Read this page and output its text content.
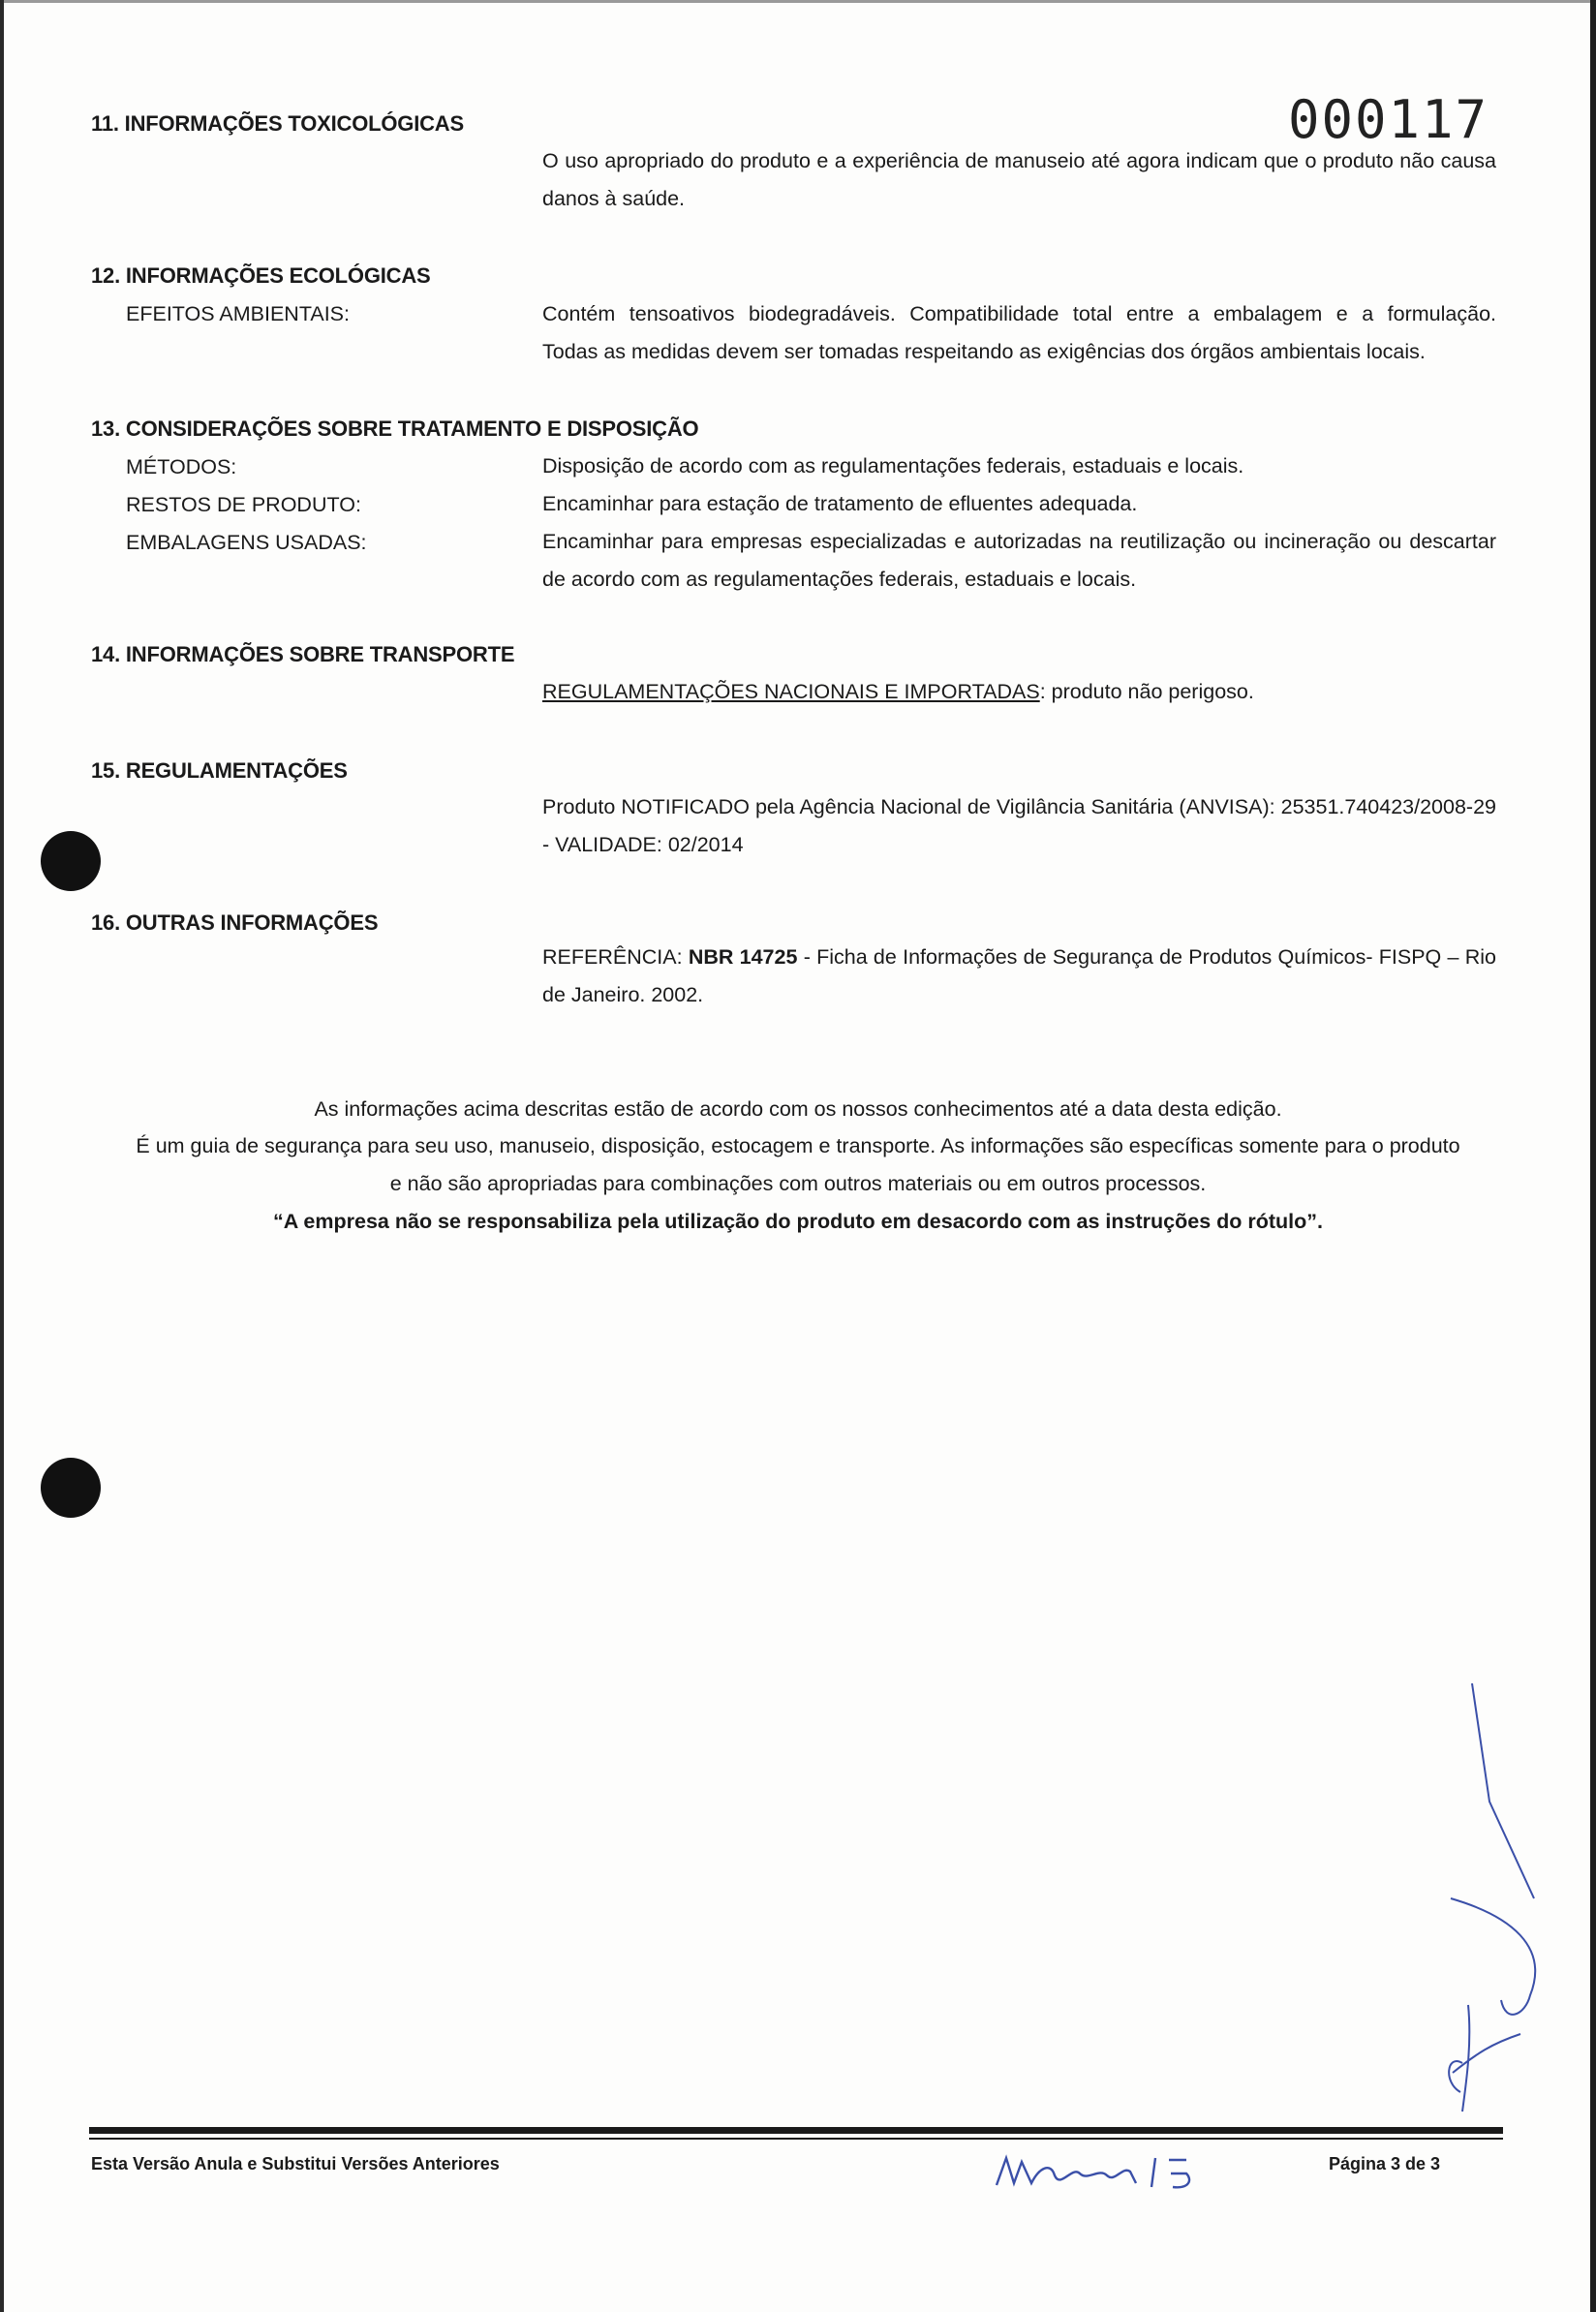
000117
11. INFORMAÇÕES TOXICOLÓGICAS
O uso apropriado do produto e a experiência de manuseio até agora indicam que o produto não causa danos à saúde.
12. INFORMAÇÕES ECOLÓGICAS
EFEITOS AMBIENTAIS:	Contém tensoativos biodegradáveis. Compatibilidade total entre a embalagem e a formulação.
Todas as medidas devem ser tomadas respeitando as exigências dos órgãos ambientais locais.
13. CONSIDERAÇÕES SOBRE TRATAMENTO E DISPOSIÇÃO
MÉTODOS:	Disposição de acordo com as regulamentações federais, estaduais e locais.
RESTOS DE PRODUTO:	Encaminhar para estação de tratamento de efluentes adequada.
EMBALAGENS USADAS:	Encaminhar para empresas especializadas e autorizadas na reutilização ou incineração ou descartar de acordo com as regulamentações federais, estaduais e locais.
14. INFORMAÇÕES SOBRE TRANSPORTE
REGULAMENTAÇÕES NACIONAIS E IMPORTADAS: produto não perigoso.
15. REGULAMENTAÇÕES
Produto NOTIFICADO pela Agência Nacional de Vigilância Sanitária (ANVISA): 25351.740423/2008-29 - VALIDADE: 02/2014
16. OUTRAS INFORMAÇÕES
REFERÊNCIA: NBR 14725 - Ficha de Informações de Segurança de Produtos Químicos- FISPQ – Rio de Janeiro. 2002.
As informações acima descritas estão de acordo com os nossos conhecimentos até a data desta edição.
É um guia de segurança para seu uso, manuseio, disposição, estocagem e transporte. As informações são específicas somente para o produto
e não são apropriadas para combinações com outros materiais ou em outros processos.
“A empresa não se responsabiliza pela utilização do produto em desacordo com as instruções do rótulo”.
Esta Versão Anula e Substitui Versões Anteriores	Página 3 de 3
